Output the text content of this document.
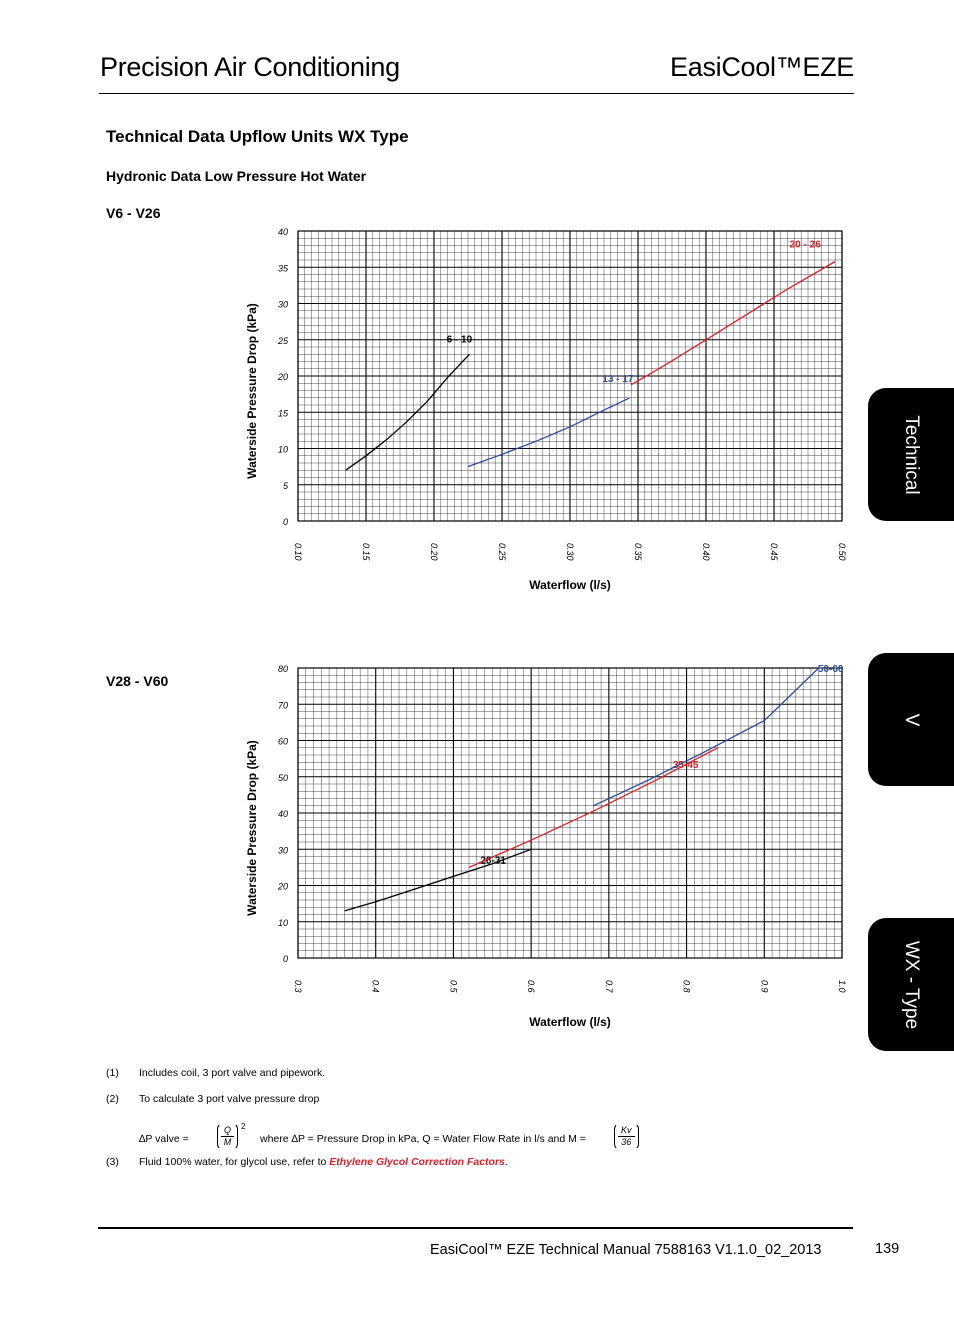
Precision Air Conditioning	EasiCool™EZE
Technical Data Upflow Units WX Type
Hydronic Data Low Pressure Hot Water
V6 - V26
V28 - V60
Technical
V
WX - Type
0
5
10
15
20
25
30
35
40
0.10	0.15	0.20	0.25	0.30	0.35	0.40	0.45	0.50
Waterflow (l/s)
Waterside Pressure Drop (kPa)	6 - 10
13 - 17
20 - 26
0
10
20
30
40
50
60
70
80
0.3	0.4	0.5	0.6	0.7	0.8	0.9	1.0
Waterflow (l/s)
Waterside Pressure Drop (kPa)	28-31
35-45
50-60
(1) Includes coil, 3 port valve and pipework.
(2) To calculate 3 port valve pressure drop
∆P valve =	$\frac{Q}{M} 2$
where ∆P = Pressure Drop in kPa, Q = Water Flow Rate in l/s and M =	$\frac{Kv}{36}$
(3) Fluid 100% water, for glycol use, refer to Ethylene Glycol Correction Factors.
EasiCool™ EZE Technical Manual 7588163 V1.1.0_02_2013	139
